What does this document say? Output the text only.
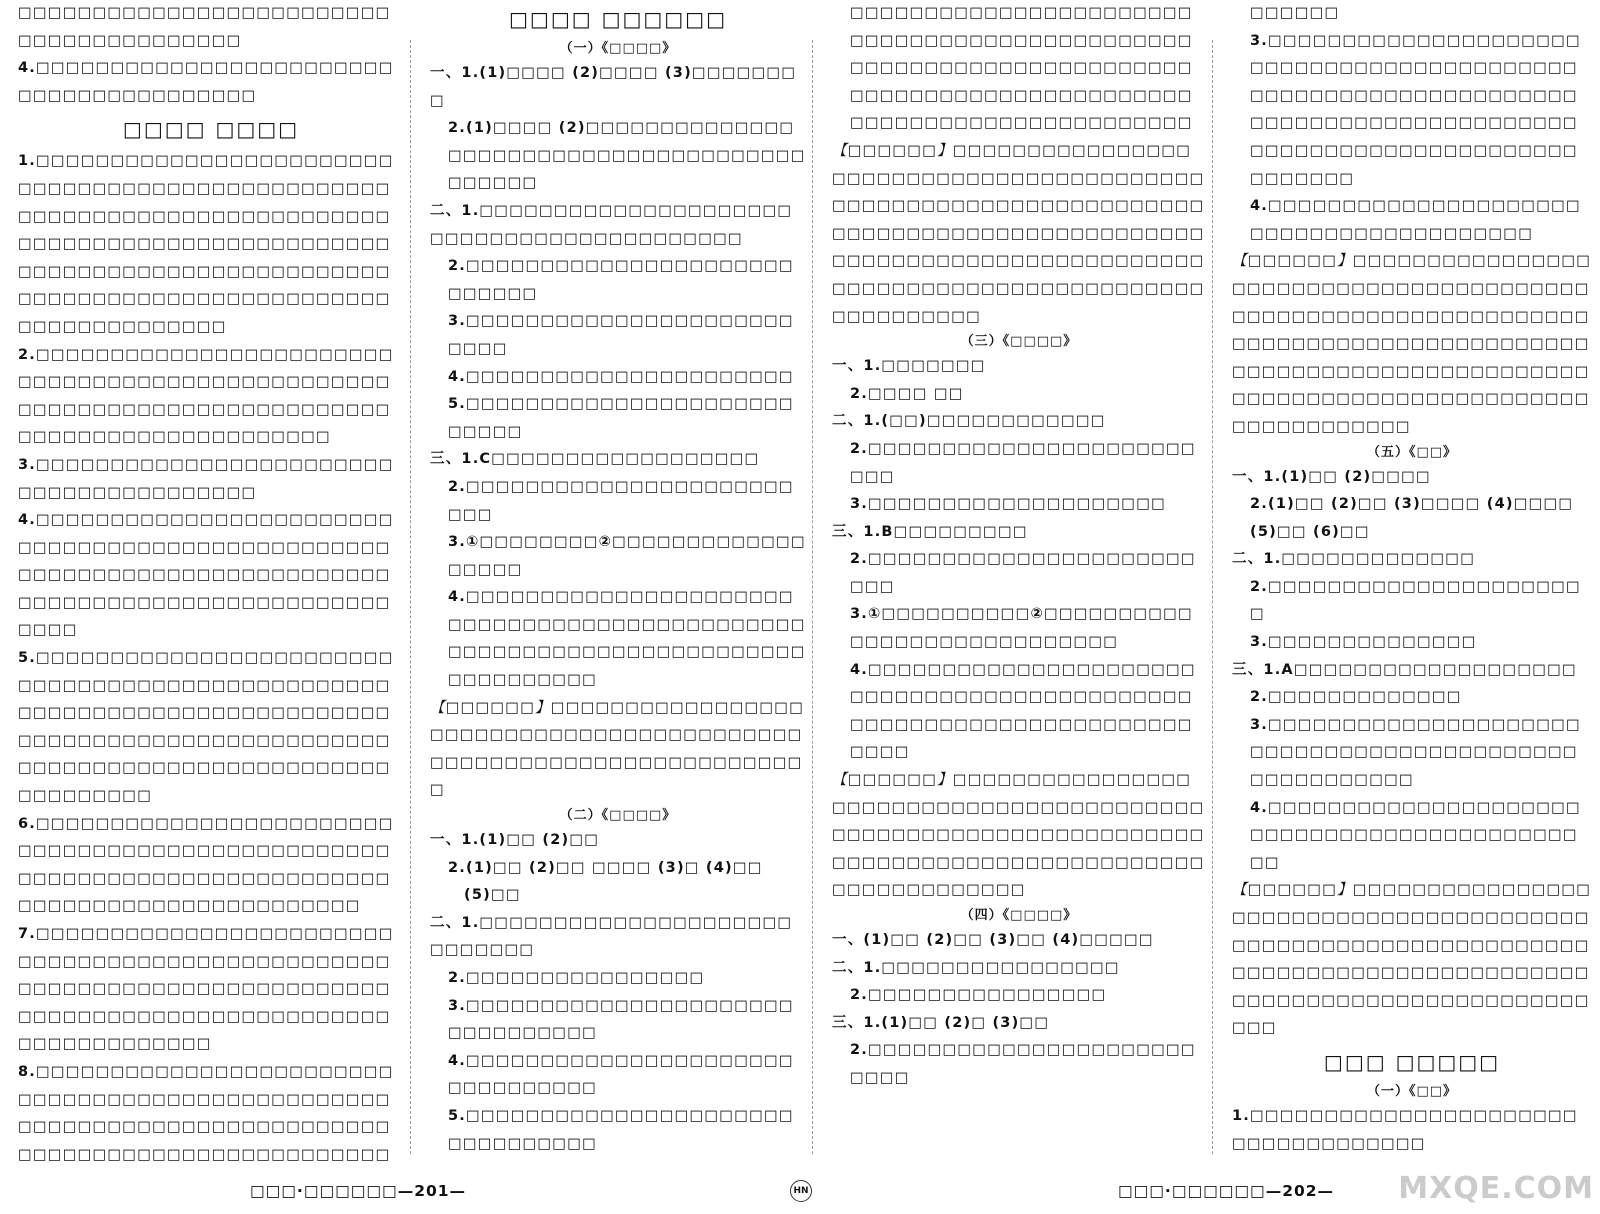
□□□□□□□□□□□□□□□□□□□□□□□□□□□□□□□□□□□□□□□□
4.□□□□□□□□□□□□□□□□□□□□□□□□□□□□□□□□□□□□□□□□
□□□□ □□□□
1.□□□□□□□□□□□□□□□□□□□□□□□□□□□□□□□□□□□□□□□□□□□□□□□□□□□□□□□□□□□□□□□□□□□□□□□□□□□□□□□□□□□□□□□□□□□□□□□□□□□□□□□□□□□□□□□□□□□□□□□□□□□□□□□□□□□□□□□□□□□□□□□□□□□□□□□□□□□□□□□□□□□
2.□□□□□□□□□□□□□□□□□□□□□□□□□□□□□□□□□□□□□□□□□□□□□□□□□□□□□□□□□□□□□□□□□□□□□□□□□□□□□□□□□□□□□□□□□□□□□□□
3.□□□□□□□□□□□□□□□□□□□□□□□□□□□□□□□□□□□□□□□□
4.□□□□□□□□□□□□□□□□□□□□□□□□□□□□□□□□□□□□□□□□□□□□□□□□□□□□□□□□□□□□□□□□□□□□□□□□□□□□□□□□□□□□□□□□□□□□□□□□□□□□□□□
5.□□□□□□□□□□□□□□□□□□□□□□□□□□□□□□□□□□□□□□□□□□□□□□□□□□□□□□□□□□□□□□□□□□□□□□□□□□□□□□□□□□□□□□□□□□□□□□□□□□□□□□□□□□□□□□□□□□□□□□□□□□□□□□□□□□□□□
6.□□□□□□□□□□□□□□□□□□□□□□□□□□□□□□□□□□□□□□□□□□□□□□□□□□□□□□□□□□□□□□□□□□□□□□□□□□□□□□□□□□□□□□□□□□□□□□□□□
7.□□□□□□□□□□□□□□□□□□□□□□□□□□□□□□□□□□□□□□□□□□□□□□□□□□□□□□□□□□□□□□□□□□□□□□□□□□□□□□□□□□□□□□□□□□□□□□□□□□□□□□□□□□□□□□□□
8.□□□□□□□□□□□□□□□□□□□□□□□□□□□□□□□□□□□□□□□□□□□□□□□□□□□□□□□□□□□□□□□□□□□□□□□□□□□□□□□□□□□□□□□□□□□□□□□□□□□
□□□□ □□□□□□
（一）《□□□□》
一、1.(1)□□□□ (2)□□□□ (3)□□□□□□□□
2.(1)□□□□ (2)□□□□□□□□□□□□□□□□□□□□□□□□□□□□□□□□□□□□□□□□□□□□
二、1.□□□□□□□□□□□□□□□□□□□□□□□□□□□□□□□□□□□□□□□□□□
2.□□□□□□□□□□□□□□□□□□□□□□□□□□□□
3.□□□□□□□□□□□□□□□□□□□□□□□□□□
4.□□□□□□□□□□□□□□□□□□□□□□
5.□□□□□□□□□□□□□□□□□□□□□□□□□□□
三、1.C□□□□□□□□□□□□□□□□□□
2.□□□□□□□□□□□□□□□□□□□□□□□□□
3.①□□□□□□□□②□□□□□□□□□□□□□□□□□□
4.□□□□□□□□□□□□□□□□□□□□□□□□□□□□□□□□□□□□□□□□□□□□□□□□□□□□□□□□□□□□□□□□□□□□□□□□□□□□□□□□
【□□□□□□】□□□□□□□□□□□□□□□□□□□□□□□□□□□□□□□□□□□□□□□□□□□□□□□□□□□□□□□□□□□□□□□□□□□□
（二）《□□□□》
一、1.(1)□□ (2)□□
2.(1)□□ (2)□□ □□□□ (3)□ (4)□□
(5)□□
二、1.□□□□□□□□□□□□□□□□□□□□□□□□□□□□
2.□□□□□□□□□□□□□□□□
3.□□□□□□□□□□□□□□□□□□□□□□□□□□□□□□□□
4.□□□□□□□□□□□□□□□□□□□□□□□□□□□□□□□□
5.□□□□□□□□□□□□□□□□□□□□□□□□□□□□□□□□
□□□□□□□□□□□□□□□□□□□□□□□□□□□□□□□□□□□□□□□□□□□□□□□□□□□□□□□□□□□□□□□□□□□□□□□□□□□□□□□□□□□□□□□□□□□□□□□□□□□□□□□□□□□□□□□□□□□
【□□□□□□】□□□□□□□□□□□□□□□□□□□□□□□□□□□□□□□□□□□□□□□□□□□□□□□□□□□□□□□□□□□□□□□□□□□□□□□□□□□□□□□□□□□□□□□□□□□□□□□□□□□□□□□□□□□□□□□□□□□□□□□□□□□□□□□□□□□□□□□□□□□□□□□□□□□□□□□
（三）《□□□□》
一、1.□□□□□□□
2.□□□□ □□
二、1.(□□)□□□□□□□□□□□□
2.□□□□□□□□□□□□□□□□□□□□□□□□□
3.□□□□□□□□□□□□□□□□□□□□
三、1.B□□□□□□□□□
2.□□□□□□□□□□□□□□□□□□□□□□□□□
3.①□□□□□□□□□□②□□□□□□□□□□□□□□□□□□□□□□□□□□□□
4.□□□□□□□□□□□□□□□□□□□□□□□□□□□□□□□□□□□□□□□□□□□□□□□□□□□□□□□□□□□□□□□□□□□□□□□□
【□□□□□□】□□□□□□□□□□□□□□□□□□□□□□□□□□□□□□□□□□□□□□□□□□□□□□□□□□□□□□□□□□□□□□□□□□□□□□□□□□□□□□□□□□□□□□□□□□□□□□□□□□□□□□□□
（四）《□□□□》
一、(1)□□ (2)□□ (3)□□ (4)□□□□□
二、1.□□□□□□□□□□□□□□□□
2.□□□□□□□□□□□□□□□□
三、1.(1)□□ (2)□ (3)□□
2.□□□□□□□□□□□□□□□□□□□□□□□□□□
□□□□□□
3.□□□□□□□□□□□□□□□□□□□□□□□□□□□□□□□□□□□□□□□□□□□□□□□□□□□□□□□□□□□□□□□□□□□□□□□□□□□□□□□□□□□□□□□□□□□□□□□□□□□□□□□□□□□□□□□□□□□□
4.□□□□□□□□□□□□□□□□□□□□□□□□□□□□□□□□□□□□□□□□
【□□□□□□】□□□□□□□□□□□□□□□□□□□□□□□□□□□□□□□□□□□□□□□□□□□□□□□□□□□□□□□□□□□□□□□□□□□□□□□□□□□□□□□□□□□□□□□□□□□□□□□□□□□□□□□□□□□□□□□□□□□□□□□□□□□□□□□□□□□□□□□□□□□□□□□□□□□□
（五）《□□》
一、1.(1)□□ (2)□□□□
2.(1)□□ (2)□□ (3)□□□□ (4)□□□□ (5)□□ (6)□□
二、1.□□□□□□□□□□□□□
2.□□□□□□□□□□□□□□□□□□□□□□
3.□□□□□□□□□□□□□□
三、1.A□□□□□□□□□□□□□□□□□□□
2.□□□□□□□□□□□□□
3.□□□□□□□□□□□□□□□□□□□□□□□□□□□□□□□□□□□□□□□□□□□□□□□□□□□□□□
4.□□□□□□□□□□□□□□□□□□□□□□□□□□□□□□□□□□□□□□□□□□□□□
【□□□□□□】□□□□□□□□□□□□□□□□□□□□□□□□□□□□□□□□□□□□□□□□□□□□□□□□□□□□□□□□□□□□□□□□□□□□□□□□□□□□□□□□□□□□□□□□□□□□□□□□□□□□□□□□□□□□□□□□□□□
□□□ □□□□□
（一）《□□》
1.□□□□□□□□□□□□□□□□□□□□□□□□□□□□□□□□□□□
□□□·□□□□□□—201—	HN	□□□·□□□□□□—202— MXQE.COM
